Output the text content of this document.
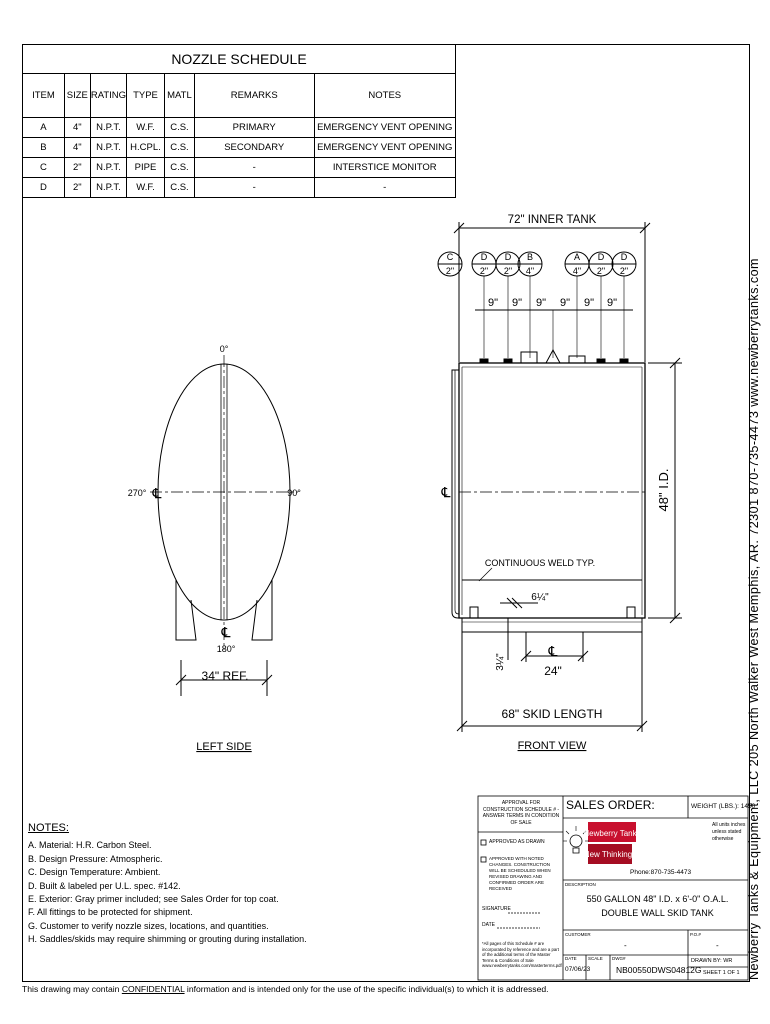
NOZZLE SCHEDULE						
ITEM	SIZE	RATING	TYPE	MATL	REMARKS	NOTES
A	4"	N.P.T.	W.F.	C.S.	PRIMARY	EMERGENCY VENT OPENING
B	4"	N.P.T.	H.CPL.	C.S.	SECONDARY	EMERGENCY VENT OPENING
C	2"	N.P.T.	PIPE	C.S.	-	INTERSTICE MONITOR
D	2"	N.P.T.	W.F.	C.S.	-	-
0°
270° ℄	90°
℄
180°
34" REF.
LEFT SIDE
72" INNER TANK
C
2"
D
2"
D
2"
B
4"
A
4"
D
2"
D
2"
9" 9" 9" 9" 9" 9"
48" I.D.
CONTINUOUS WELD TYP.
6¼"
3¼"
℄
24"
68" SKID LENGTH
℄
FRONT VIEW
Newberry Tanks
New Thinking
APPROVAL FOR CONSTRUCTION SCHEDULE # - ANSWER TERMS IN CONDITION OF SALE
APPROVED AS DRAWN
APPROVED WITH NOTED CHANGES. CONSTRUCTION WILL BE SCHEDULED WHEN REVISED DRAWING AND CONFIRMED ORDER ARE RECEIVED
SIGNATURE
DATE
*All pages of this Schedule # are incorporated by reference and are a part of the additional terms of the Master Terms & Conditions of Sale www.newberrytanks.com/masterterms.pdf
SALES ORDER:	WEIGHT (LBS.): 1450
All units inches unless stated otherwise
Phone:870-735-4473
DESCRIPTION
550 GALLON 48" I.D. x 6'-0" O.A.L. DOUBLE WALL SKID TANK
CUSTOMER
-
P.O.#
-
DATE
07/06/23
SCALE DWG#
NB00550DWS04812G
DRAWN BY: WR
SHEET 1 OF 1
NOTES:
A. Material: H.R. Carbon Steel.
B. Design Pressure: Atmospheric.
C. Design Temperature: Ambient.
D. Built & labeled per U.L. spec. #142.
E. Exterior: Gray primer included; see Sales Order for top coat.
F. All fittings to be protected for shipment.
G. Customer to verify nozzle sizes, locations, and quantities.
H. Saddles/skids may require shimming or grouting during installation.
This drawing may contain CONFIDENTIAL information and is intended only for the use of the specific individual(s) to which it is addressed.
Newberry Tanks & Equipment, LLC 205 North Walker West Memphis, AR. 72301 870-735-4473 www.newberrytanks.com
